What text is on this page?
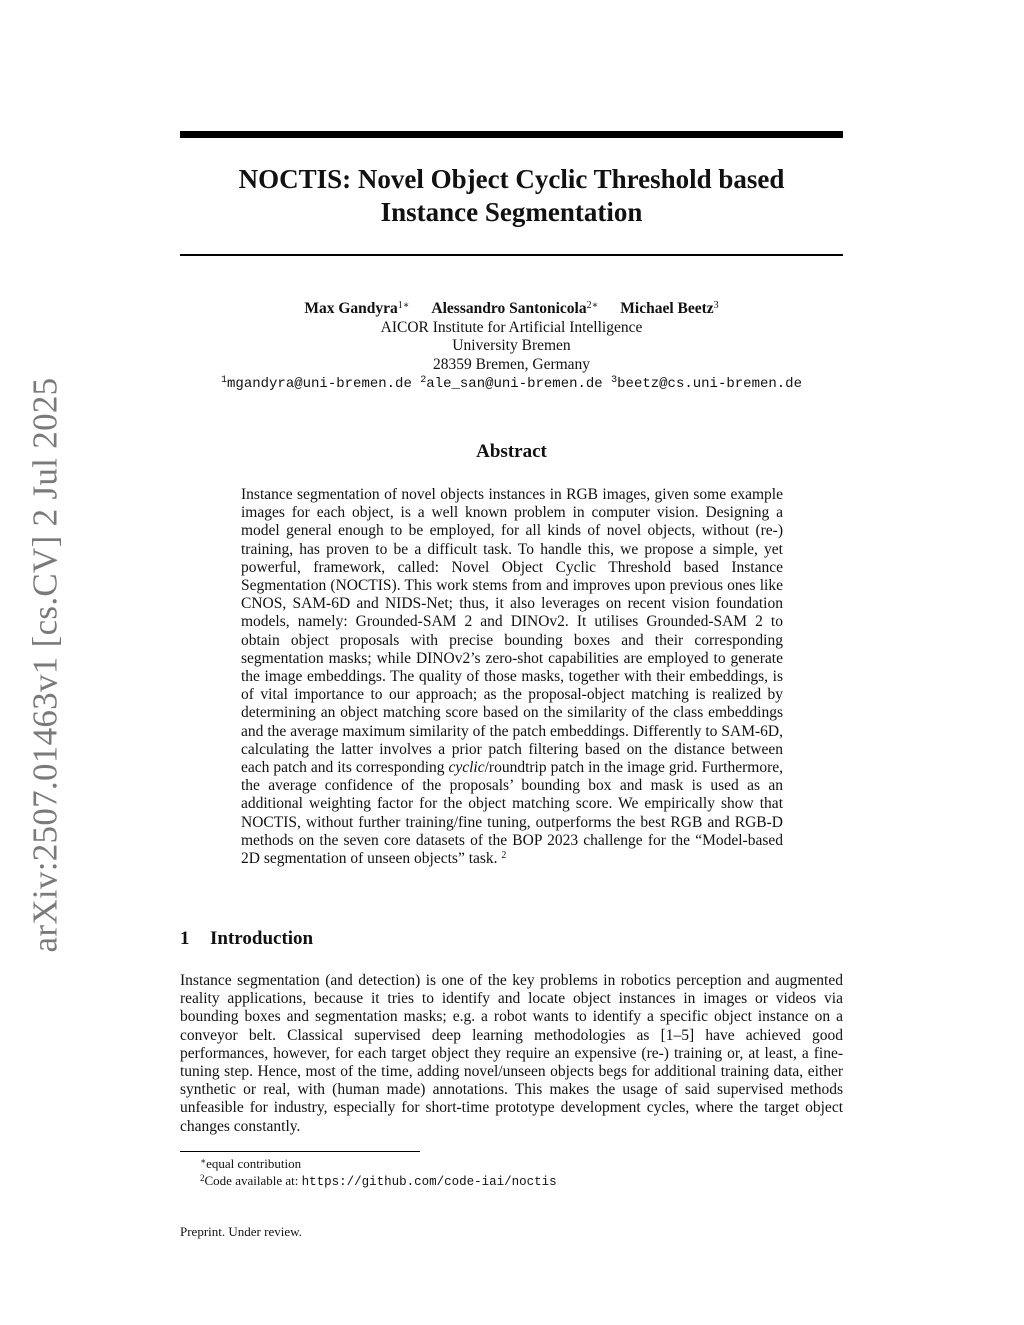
arXiv:2507.01463v1 [cs.CV] 2 Jul 2025
NOCTIS: Novel Object Cyclic Threshold based
Instance Segmentation
Max Gandyra$^{1∗}$ Alessandro Santonicola$^{2∗}$ Michael Beetz$^3$
AICOR Institute for Artificial Intelligence
University Bremen
28359 Bremen, Germany
$^1$mgandyra@uni-bremen.de $^2$ale_san@uni-bremen.de $^3$beetz@cs.uni-bremen.de
Abstract

Instance segmentation of novel objects instances in RGB images, given some example images for each object, is a well known problem in computer vision. Designing a model general enough to be employed, for all kinds of novel objects, without (re-) training, has proven to be a difficult task. To handle this, we propose a simple, yet powerful, framework, called: Novel Object Cyclic Threshold based Instance Segmentation (NOCTIS). This work stems from and improves upon previous ones like CNOS, SAM-6D and NIDS-Net; thus, it also leverages on recent vision foundation models, namely: Grounded-SAM 2 and DINOv2. It utilises Grounded-SAM 2 to obtain object proposals with precise bounding boxes and their corresponding segmentation masks; while DINOv2’s zero-shot capabilities are employed to generate the image embeddings. The quality of those masks, together with their embeddings, is of vital importance to our approach; as the proposal-object matching is realized by determining an object matching score based on the similarity of the class embeddings and the average maximum similarity of the patch embeddings. Differently to SAM-6D, calculating the latter involves a prior patch filtering based on the distance between each patch and its corresponding cyclic/roundtrip patch in the image grid. Furthermore, the average confidence of the proposals’ bounding box and mask is used as an additional weighting factor for the object matching score. We empirically show that NOCTIS, without further training/fine tuning, outperforms the best RGB and RGB-D methods on the seven core datasets of the BOP 2023 challenge for the “Model-based 2D segmentation of unseen objects” task. $^2$

1 Introduction

Instance segmentation (and detection) is one of the key problems in robotics perception and augmented reality applications, because it tries to identify and locate object instances in images or videos via bounding boxes and segmentation masks; e.g. a robot wants to identify a specific object instance on a conveyor belt. Classical supervised deep learning methodologies as [1–5] have achieved good performances, however, for each target object they require an expensive (re-) training or, at least, a fine-tuning step. Hence, most of the time, adding novel/unseen objects begs for additional training data, either synthetic or real, with (human made) annotations. This makes the usage of said supervised methods unfeasible for industry, especially for short-time prototype development cycles, where the target object changes constantly.

∗equal contribution
$^2$Code available at: https://github.com/code-iai/noctis
Preprint. Under review.
